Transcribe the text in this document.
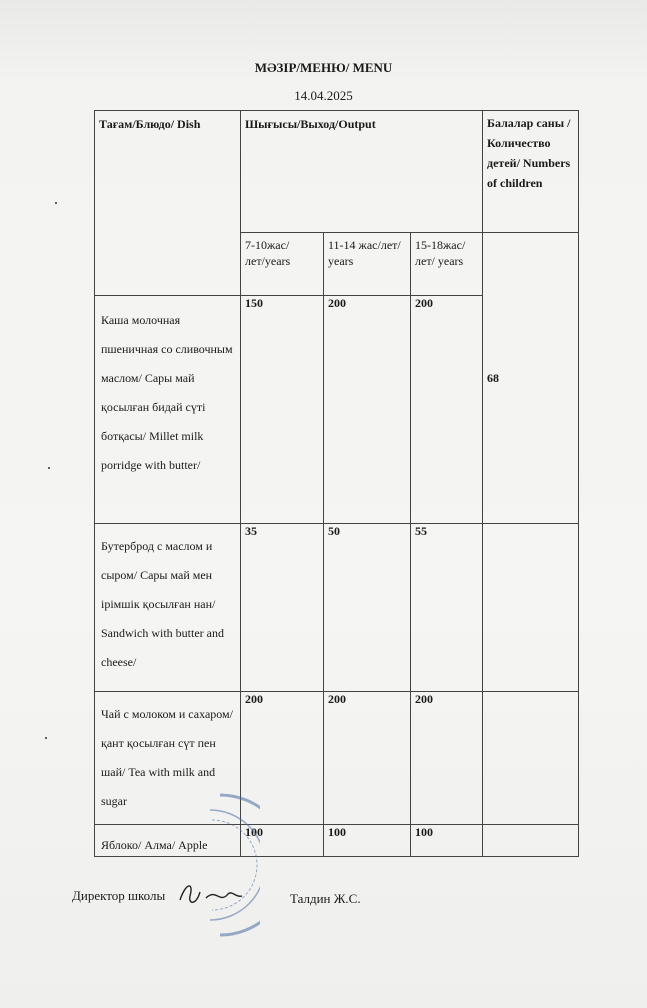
МӘЗІР/МЕНЮ/ MENU
14.04.2025
Тағам/Блюдо/ Dish	Шығысы/Выход/Output			Балалар саны /Количество детей/ Numbers of children
	7-10жас/лет/years	11-14 жас/лет/ years	15-18жас/лет/ years	68
Каша молочная пшеничная со сливочным маслом/ Сары май қосылған бидай сүті ботқасы/ Millet milk porridge with butter/	150	200	200	
Бутерброд с маслом и сыром/ Сары май мен ірімшік қосылған нан/ Sandwich with butter and cheese/	35	50	55	
Чай с молоком и сахаром/қант қосылған сүт пен шай/ Tea with milk and sugar	200	200	200	
Яблоко/ Алма/ Apple	100	100	100	
Директор школы	Талдин Ж.С.
